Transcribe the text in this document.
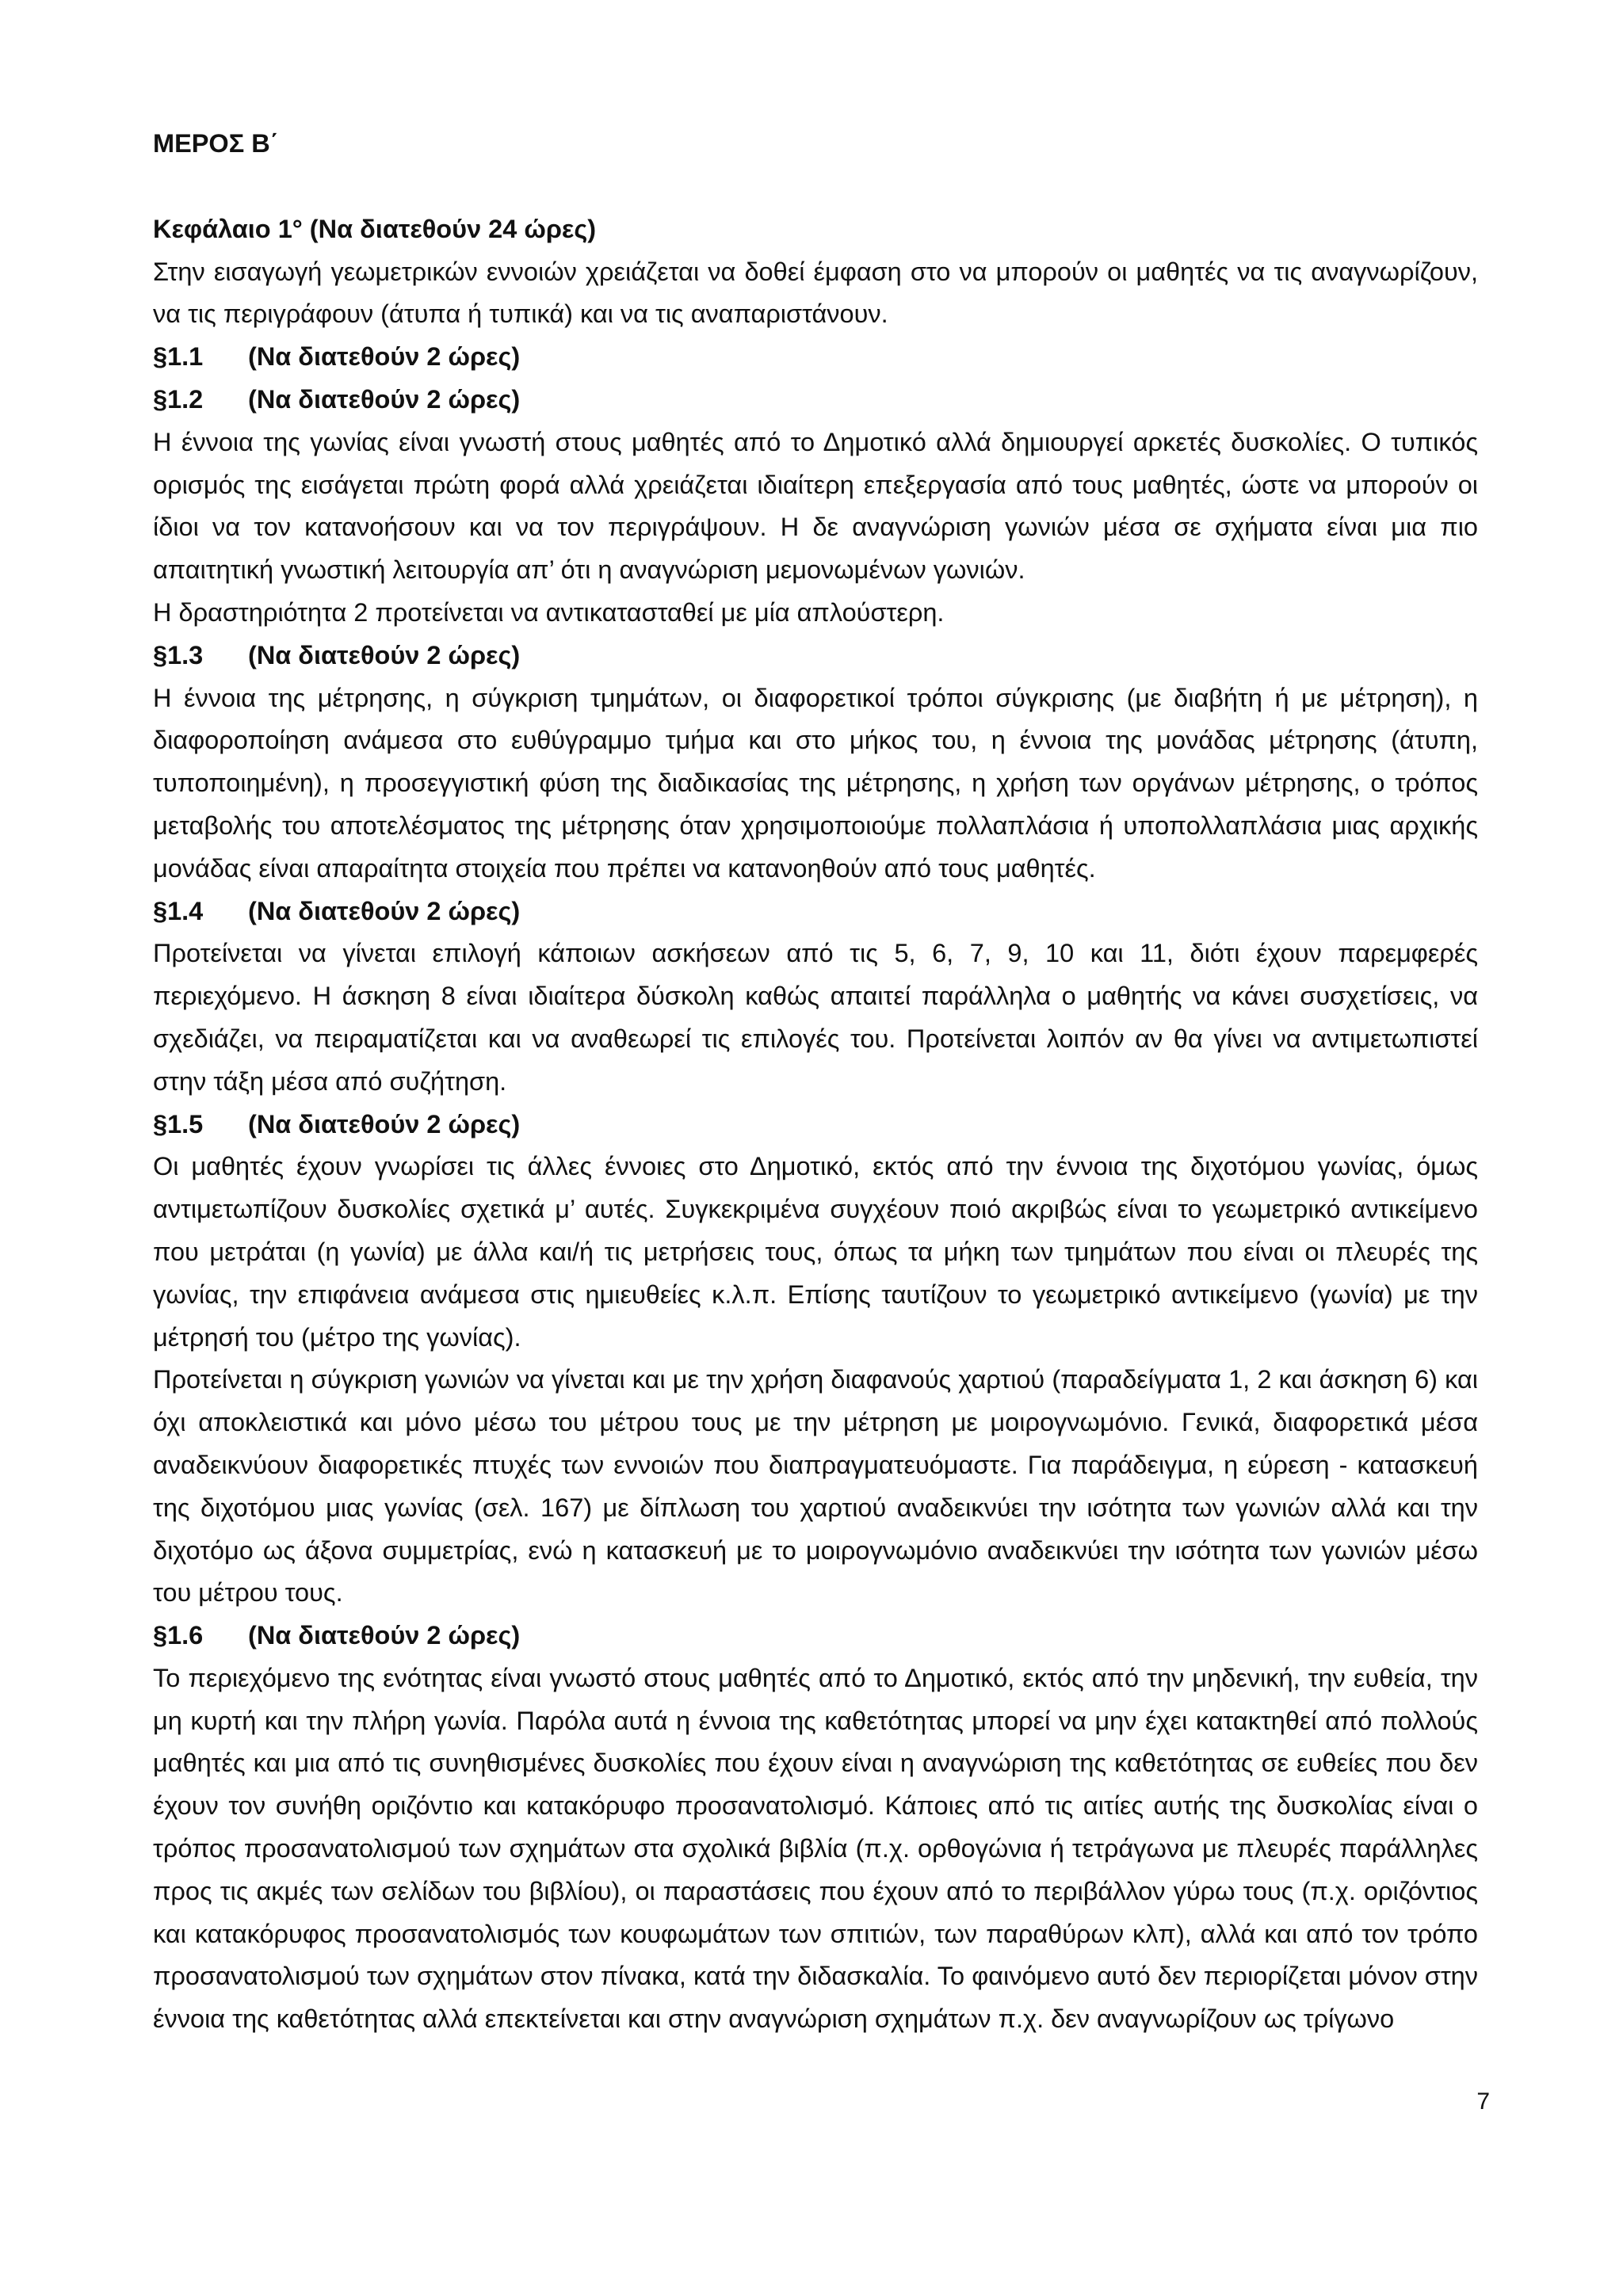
ΜΕΡΟΣ Β΄
Κεφάλαιο 1° (Να διατεθούν 24 ώρες)

Στην εισαγωγή γεωμετρικών εννοιών χρειάζεται να δοθεί έμφαση στο να μπορούν οι μαθητές να τις αναγνωρίζουν, να τις περιγράφουν (άτυπα ή τυπικά) και να τις αναπαριστάνουν.

§1.1 (Να διατεθούν 2 ώρες)
§1.2 (Να διατεθούν 2 ώρες)

Η έννοια της γωνίας είναι γνωστή στους μαθητές από το Δημοτικό αλλά δημιουργεί αρκετές δυσκολίες. Ο τυπικός ορισμός της εισάγεται πρώτη φορά αλλά χρειάζεται ιδιαίτερη επεξεργασία από τους μαθητές, ώστε να μπορούν οι ίδιοι να τον κατανοήσουν και να τον περιγράψουν. Η δε αναγνώριση γωνιών μέσα σε σχήματα είναι μια πιο απαιτητική γνωστική λειτουργία απ’ ότι η αναγνώριση μεμονωμένων γωνιών.

Η δραστηριότητα 2 προτείνεται να αντικατασταθεί με μία απλούστερη.

§1.3 (Να διατεθούν 2 ώρες)

Η έννοια της μέτρησης, η σύγκριση τμημάτων, οι διαφορετικοί τρόποι σύγκρισης (με διαβήτη ή με μέτρηση), η διαφοροποίηση ανάμεσα στο ευθύγραμμο τμήμα και στο μήκος του, η έννοια της μονάδας μέτρησης (άτυπη, τυποποιημένη), η προσεγγιστική φύση της διαδικασίας της μέτρησης, η χρήση των οργάνων μέτρησης, ο τρόπος μεταβολής του αποτελέσματος της μέτρησης όταν χρησιμοποιούμε πολλαπλάσια ή υποπολλαπλάσια μιας αρχικής μονάδας είναι απαραίτητα στοιχεία που πρέπει να κατανοηθούν από τους μαθητές.

§1.4 (Να διατεθούν 2 ώρες)

Προτείνεται να γίνεται επιλογή κάποιων ασκήσεων από τις 5, 6, 7, 9, 10 και 11, διότι έχουν παρεμφερές περιεχόμενο. Η άσκηση 8 είναι ιδιαίτερα δύσκολη καθώς απαιτεί παράλληλα ο μαθητής να κάνει συσχετίσεις, να σχεδιάζει, να πειραματίζεται και να αναθεωρεί τις επιλογές του. Προτείνεται λοιπόν αν θα γίνει να αντιμετωπιστεί στην τάξη μέσα από συζήτηση.

§1.5 (Να διατεθούν 2 ώρες)

Οι μαθητές έχουν γνωρίσει τις άλλες έννοιες στο Δημοτικό, εκτός από την έννοια της διχοτόμου γωνίας, όμως αντιμετωπίζουν δυσκολίες σχετικά μ’ αυτές. Συγκεκριμένα συγχέουν ποιό ακριβώς είναι το γεωμετρικό αντικείμενο που μετράται (η γωνία) με άλλα και/ή τις μετρήσεις τους, όπως τα μήκη των τμημάτων που είναι οι πλευρές της γωνίας, την επιφάνεια ανάμεσα στις ημιευθείες κ.λ.π. Επίσης ταυτίζουν το γεωμετρικό αντικείμενο (γωνία) με την μέτρησή του (μέτρο της γωνίας).

Προτείνεται η σύγκριση γωνιών να γίνεται και με την χρήση διαφανούς χαρτιού (παραδείγματα 1, 2 και άσκηση 6) και όχι αποκλειστικά και μόνο μέσω του μέτρου τους με την μέτρηση με μοιρογνωμόνιο. Γενικά, διαφορετικά μέσα αναδεικνύουν διαφορετικές πτυχές των εννοιών που διαπραγματευόμαστε. Για παράδειγμα, η εύρεση - κατασκευή της διχοτόμου μιας γωνίας (σελ. 167) με δίπλωση του χαρτιού αναδεικνύει την ισότητα των γωνιών αλλά και την διχοτόμο ως άξονα συμμετρίας, ενώ η κατασκευή με το μοιρογνωμόνιο αναδεικνύει την ισότητα των γωνιών μέσω του μέτρου τους.

§1.6 (Να διατεθούν 2 ώρες)

Το περιεχόμενο της ενότητας είναι γνωστό στους μαθητές από το Δημοτικό, εκτός από την μηδενική, την ευθεία, την μη κυρτή και την πλήρη γωνία. Παρόλα αυτά η έννοια της καθετότητας μπορεί να μην έχει κατακτηθεί από πολλούς μαθητές και μια από τις συνηθισμένες δυσκολίες που έχουν είναι η αναγνώριση της καθετότητας σε ευθείες που δεν έχουν τον συνήθη οριζόντιο και κατακόρυφο προσανατολισμό. Κάποιες από τις αιτίες αυτής της δυσκολίας είναι ο τρόπος προσανατολισμού των σχημάτων στα σχολικά βιβλία (π.χ. ορθογώνια ή τετράγωνα με πλευρές παράλληλες προς τις ακμές των σελίδων του βιβλίου), οι παραστάσεις που έχουν από το περιβάλλον γύρω τους (π.χ. οριζόντιος και κατακόρυφος προσανατολισμός των κουφωμάτων των σπιτιών, των παραθύρων κλπ), αλλά και από τον τρόπο προσανατολισμού των σχημάτων στον πίνακα, κατά την διδασκαλία. Το φαινόμενο αυτό δεν περιορίζεται μόνον στην έννοια της καθετότητας αλλά επεκτείνεται και στην αναγνώριση σχημάτων π.χ. δεν αναγνωρίζουν ως τρίγωνο

7
